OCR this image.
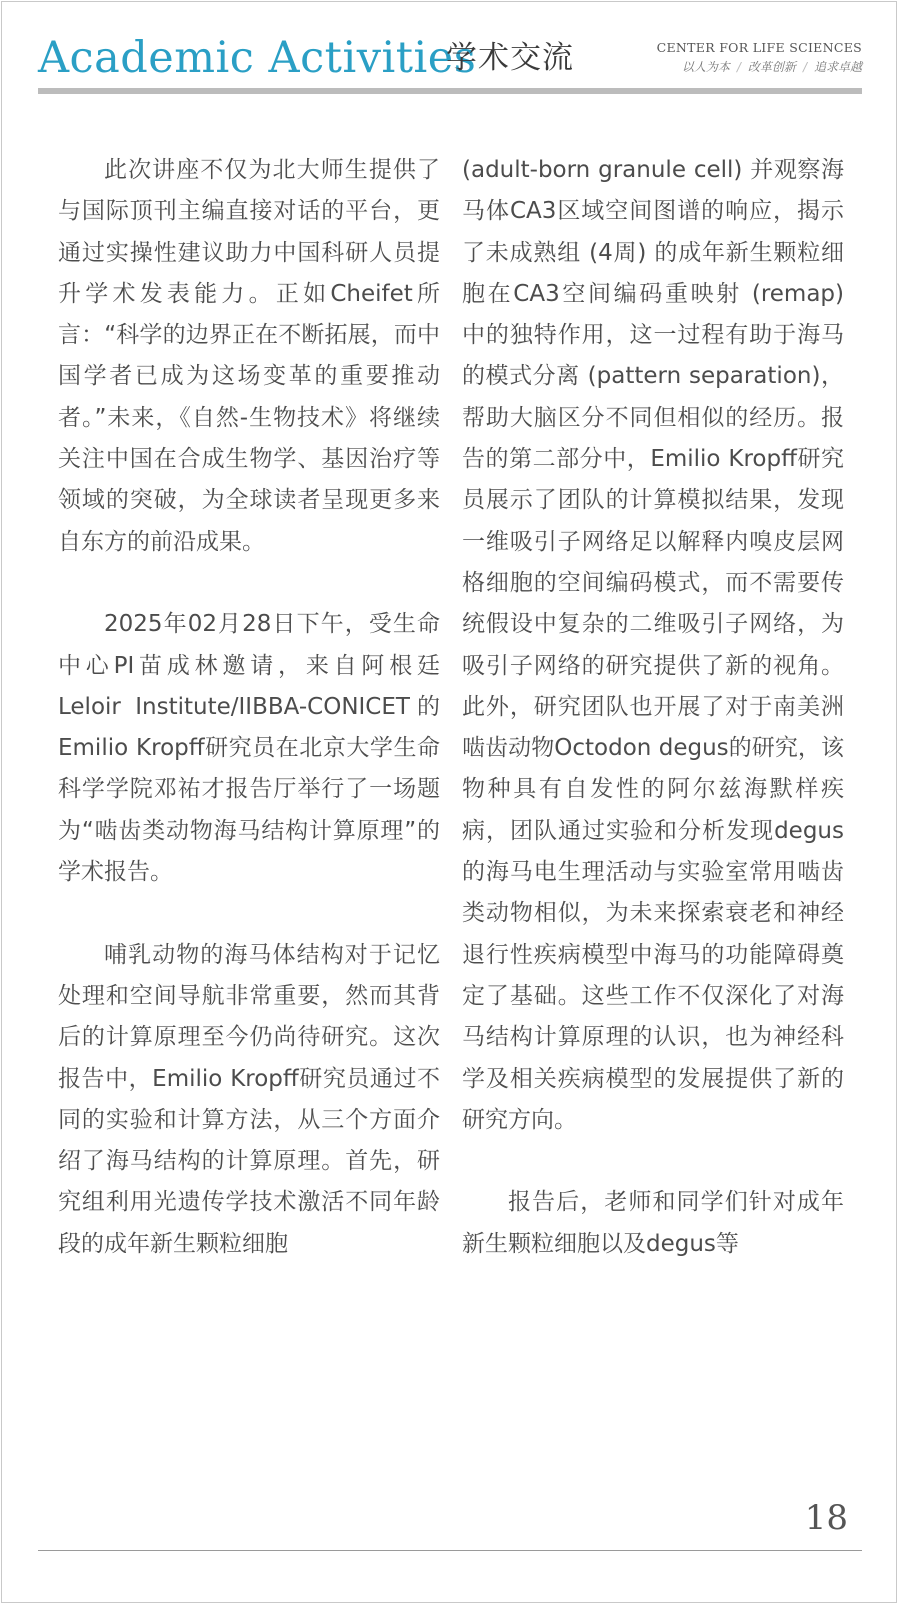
Academic Activities
学术交流	CENTER FOR LIFE SCIENCES
以人为本 / 改革创新 / 追求卓越

此次讲座不仅为北大师生提供了与国际顶刊主编直接对话的平台，更通过实操性建议助力中国科研人员提升学术发表能力。正如Cheifet所言：“科学的边界正在不断拓展，而中国学者已成为这场变革的重要推动者。”未来，《自然-生物技术》将继续关注中国在合成生物学、基因治疗等领域的突破，为全球读者呈现更多来自东方的前沿成果。

2025年02月28日下午，受生命中心PI苗成林邀请，来自阿根廷Leloir Institute/IIBBA-CONICET的Emilio Kropff研究员在北京大学生命科学学院邓祐才报告厅举行了一场题为“啮齿类动物海马结构计算原理”的学术报告。

哺乳动物的海马体结构对于记忆处理和空间导航非常重要，然而其背后的计算原理至今仍尚待研究。这次报告中，Emilio Kropff研究员通过不同的实验和计算方法，从三个方面介绍了海马结构的计算原理。首先，研究组利用光遗传学技术激活不同年龄段的成年新生颗粒细胞

(adult-born granule cell) 并观察海马体CA3区域空间图谱的响应，揭示了未成熟组 (4周) 的成年新生颗粒细胞在CA3空间编码重映射 (remap) 中的独特作用，这一过程有助于海马的模式分离 (pattern separation)，帮助大脑区分不同但相似的经历。报告的第二部分中，Emilio Kropff研究员展示了团队的计算模拟结果，发现一维吸引子网络足以解释内嗅皮层网格细胞的空间编码模式，而不需要传统假设中复杂的二维吸引子网络，为吸引子网络的研究提供了新的视角。此外，研究团队也开展了对于南美洲啮齿动物Octodon degus的研究，该物种具有自发性的阿尔兹海默样疾病，团队通过实验和分析发现degus的海马电生理活动与实验室常用啮齿类动物相似，为未来探索衰老和神经退行性疾病模型中海马的功能障碍奠定了基础。这些工作不仅深化了对海马结构计算原理的认识，也为神经科学及相关疾病模型的发展提供了新的研究方向。

报告后，老师和同学们针对成年新生颗粒细胞以及degus等

18
